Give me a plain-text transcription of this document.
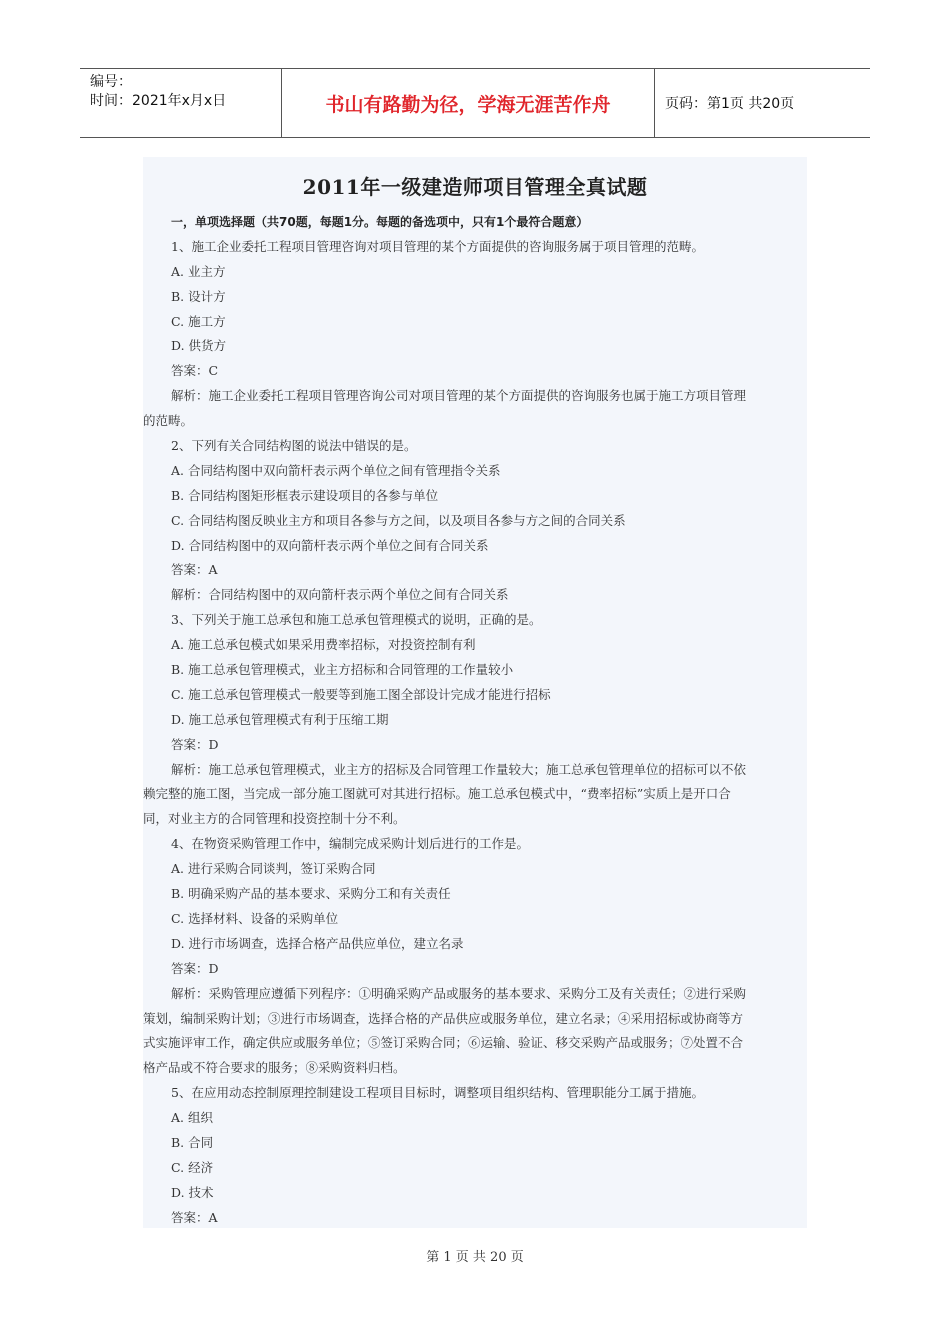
编号：
时间：2021年x月x日	书山有路勤为径，学海无涯苦作舟	页码：第1页 共20页
2011年一级建造师项目管理全真试题
一，单项选择题（共70题，每题1分。每题的备选项中，只有1个最符合题意）
1、施工企业委托工程项目管理咨询对项目管理的某个方面提供的咨询服务属于项目管理的范畴。
A. 业主方
B. 设计方
C. 施工方
D. 供货方
答案：C
解析：施工企业委托工程项目管理咨询公司对项目管理的某个方面提供的咨询服务也属于施工方项目管理
的范畴。
2、下列有关合同结构图的说法中错误的是。
A. 合同结构图中双向箭杆表示两个单位之间有管理指令关系
B. 合同结构图矩形框表示建设项目的各参与单位
C. 合同结构图反映业主方和项目各参与方之间，以及项目各参与方之间的合同关系
D. 合同结构图中的双向箭杆表示两个单位之间有合同关系
答案：A
解析：合同结构图中的双向箭杆表示两个单位之间有合同关系
3、下列关于施工总承包和施工总承包管理模式的说明，正确的是。
A. 施工总承包模式如果采用费率招标，对投资控制有利
B. 施工总承包管理模式，业主方招标和合同管理的工作量较小
C. 施工总承包管理模式一般要等到施工图全部设计完成才能进行招标
D. 施工总承包管理模式有利于压缩工期
答案：D
解析：施工总承包管理模式，业主方的招标及合同管理工作量较大；施工总承包管理单位的招标可以不依
赖完整的施工图，当完成一部分施工图就可对其进行招标。施工总承包模式中，“费率招标”实质上是开口合
同，对业主方的合同管理和投资控制十分不利。
4、在物资采购管理工作中，编制完成采购计划后进行的工作是。
A. 进行采购合同谈判，签订采购合同
B. 明确采购产品的基本要求、采购分工和有关责任
C. 选择材料、设备的采购单位
D. 进行市场调查，选择合格产品供应单位，建立名录
答案：D
解析：采购管理应遵循下列程序：①明确采购产品或服务的基本要求、采购分工及有关责任；②进行采购
策划，编制采购计划；③进行市场调查，选择合格的产品供应或服务单位，建立名录；④采用招标或协商等方
式实施评审工作，确定供应或服务单位；⑤签订采购合同；⑥运输、验证、移交采购产品或服务；⑦处置不合
格产品或不符合要求的服务；⑧采购资料归档。
5、在应用动态控制原理控制建设工程项目目标时，调整项目组织结构、管理职能分工属于措施。
A. 组织
B. 合同
C. 经济
D. 技术
答案：A
第 1 页 共 20 页
